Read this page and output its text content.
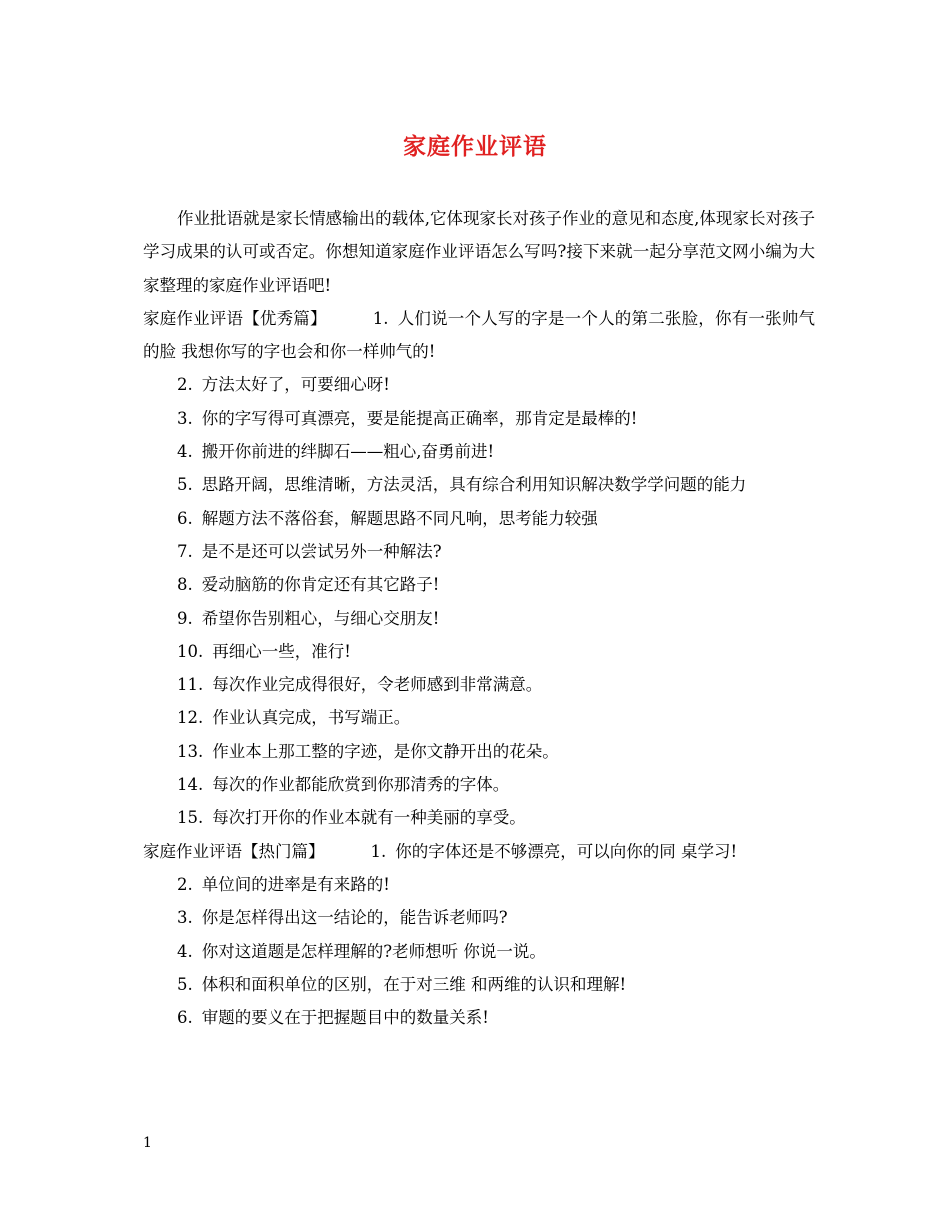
家庭作业评语

作业批语就是家长情感输出的载体,它体现家长对孩子作业的意见和态度,体现家长对孩子学习成果的认可或否定。你想知道家庭作业评语怎么写吗?接下来就一起分享范文网小编为大家整理的家庭作业评语吧!

家庭作业评语【优秀篇】	1. 人们说一个人写的字是一个人的第二张脸，你有一张帅气的脸 我想你写的字也会和你一样帅气的!

2. 方法太好了，可要细心呀!

3. 你的字写得可真漂亮，要是能提高正确率，那肯定是最棒的!

4. 搬开你前进的绊脚石——粗心,奋勇前进!

5. 思路开阔，思维清晰，方法灵活，具有综合利用知识解决数学学问题的能力

6. 解题方法不落俗套，解题思路不同凡响，思考能力较强

7. 是不是还可以尝试另外一种解法?

8. 爱动脑筋的你肯定还有其它路子!

9. 希望你告别粗心，与细心交朋友!

10. 再细心一些，准行!

11. 每次作业完成得很好，令老师感到非常满意。

12. 作业认真完成，书写端正。

13. 作业本上那工整的字迹，是你文静开出的花朵。

14. 每次的作业都能欣赏到你那清秀的字体。

15. 每次打开你的作业本就有一种美丽的享受。

家庭作业评语【热门篇】	1. 你的字体还是不够漂亮，可以向你的同 桌学习!

2. 单位间的进率是有来路的!

3. 你是怎样得出这一结论的，能告诉老师吗?

4. 你对这道题是怎样理解的?老师想听 你说一说。

5. 体积和面积单位的区别，在于对三维 和两维的认识和理解!

6. 审题的要义在于把握题目中的数量关系!

1
